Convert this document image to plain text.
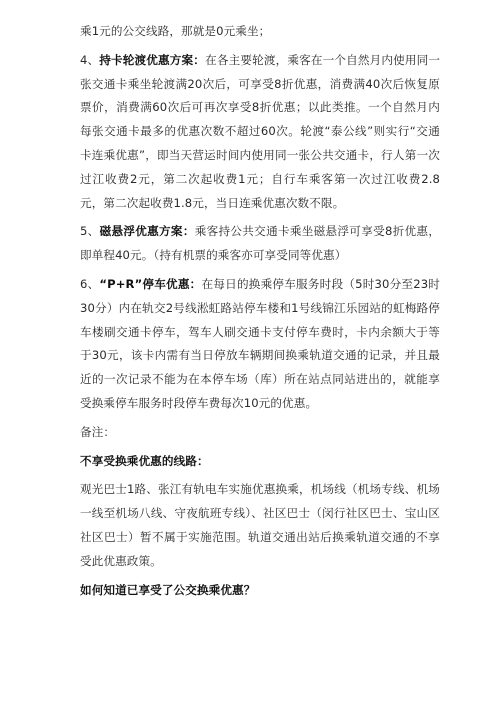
乘1元的公交线路，那就是0元乘坐；

4、持卡轮渡优惠方案：在各主要轮渡，乘客在一个自然月内使用同一张交通卡乘坐轮渡满20次后，可享受8折优惠，消费满40次后恢复原票价，消费满60次后可再次享受8折优惠；以此类推。一个自然月内每张交通卡最多的优惠次数不超过60次。轮渡“泰公线”则实行“交通卡连乘优惠”，即当天营运时间内使用同一张公共交通卡，行人第一次过江收费2元，第二次起收费1元；自行车乘客第一次过江收费2.8元，第二次起收费1.8元，当日连乘优惠次数不限。

5、磁悬浮优惠方案：乘客持公共交通卡乘坐磁悬浮可享受8折优惠，即单程40元。（持有机票的乘客亦可享受同等优惠）

6、“P+R”停车优惠：在每日的换乘停车服务时段（5时30分至23时30分）内在轨交2号线淞虹路站停车楼和1号线锦江乐园站的虹梅路停车楼刷交通卡停车，驾车人刷交通卡支付停车费时，卡内余额大于等于30元，该卡内需有当日停放车辆期间换乘轨道交通的记录，并且最近的一次记录不能为在本停车场（库）所在站点同站进出的，就能享受换乘停车服务时段停车费每次10元的优惠。

备注：

不享受换乘优惠的线路：

观光巴士1路、张江有轨电车实施优惠换乘，机场线（机场专线、机场一线至机场八线、守夜航班专线）、社区巴士（闵行社区巴士、宝山区社区巴士）暂不属于实施范围。轨道交通出站后换乘轨道交通的不享受此优惠政策。

如何知道已享受了公交换乘优惠？
